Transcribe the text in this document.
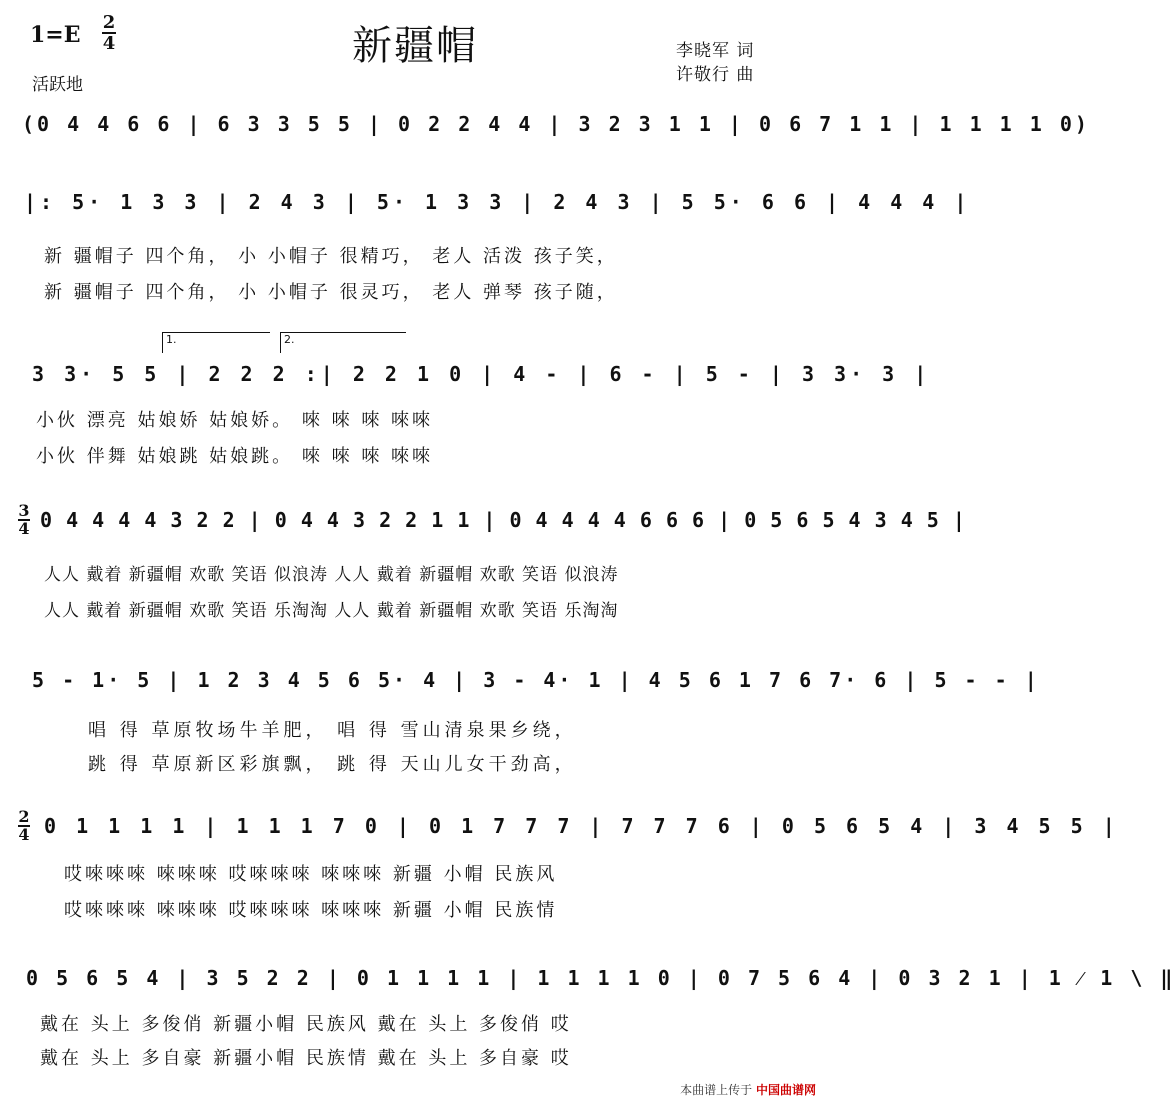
1=E 2
4
活跃地
新疆帽	李晓军 词
许敬行 曲
(0 4 4 6 6 | 6 3 3 5 5 | 0 2 2 4 4 | 3 2 3 1 1 | 0 6 7 1 1 | 1 1 1 1 0)
|: 5· 1 3 3 | 2 4 3 | 5· 1 3 3 | 2 4 3 | 5 5· 6 6 | 4 4 4 |
新 疆帽子 四个角， 小 小帽子 很精巧， 老人 活泼 孩子笑，
新 疆帽子 四个角， 小 小帽子 很灵巧， 老人 弹琴 孩子随，
1.	2.
3 3· 5 5 | 2 2 2 :| 2 2 1 0 | 4 - | 6 - | 5 - | 3 3· 3 |
小伙 漂亮 姑娘娇 姑娘娇。 唻 唻 唻 唻唻
小伙 伴舞 姑娘跳 姑娘跳。 唻 唻 唻 唻唻
3
4 0 4 4 4 4 3 2 2 | 0 4 4 3 2 2 1 1 | 0 4 4 4 4 6 6 6 | 0 5 6 5 4 3 4 5 |
人人 戴着 新疆帽 欢歌 笑语 似浪涛 人人 戴着 新疆帽 欢歌 笑语 似浪涛
人人 戴着 新疆帽 欢歌 笑语 乐淘淘 人人 戴着 新疆帽 欢歌 笑语 乐淘淘
5 - 1· 5 | 1 2 3 4 5 6 5· 4 | 3 - 4· 1 | 4 5 6 1 7 6 7· 6 | 5 - - |
唱 得 草原牧场牛羊肥， 唱 得 雪山清泉果乡绕，
跳 得 草原新区彩旗飘， 跳 得 天山儿女干劲高，
2
4 0 1 1 1 1 | 1 1 1 7 0 | 0 1 7 7 7 | 7 7 7 6 | 0 5 6 5 4 | 3 4 5 5 |
哎唻唻唻 唻唻唻 哎唻唻唻 唻唻唻 新疆 小帽 民族风
哎唻唻唻 唻唻唻 哎唻唻唻 唻唻唻 新疆 小帽 民族情
0 5 6 5 4 | 3 5 2 2 | 0 1 1 1 1 | 1 1 1 1 0 | 0 7 5 6 4 | 0 3 2 1 | 1 ⁄ 1 \ ‖
戴在 头上 多俊俏 新疆小帽 民族风 戴在 头上 多俊俏 哎
戴在 头上 多自豪 新疆小帽 民族情 戴在 头上 多自豪 哎
本曲谱上传于 中国曲谱网
